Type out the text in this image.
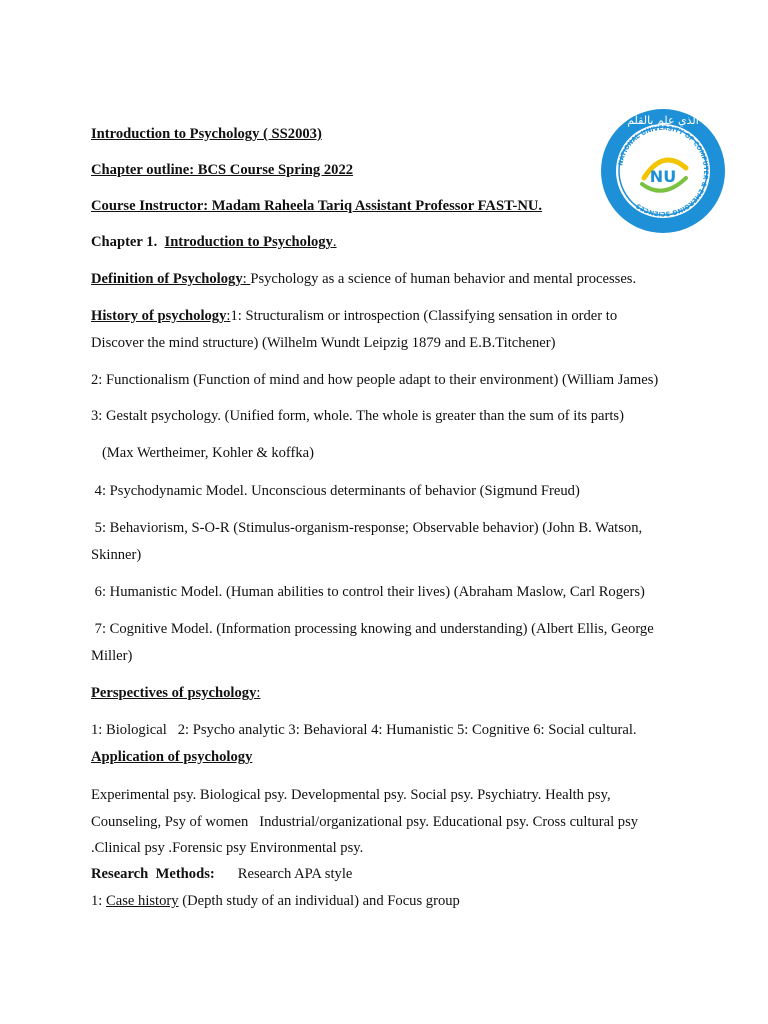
NATIONAL UNIVERSITY OF COMPUTER & EMERGING SCIENCES
الذي علم بالقلم
NU
Introduction to Psychology ( SS2003)
Chapter outline: BCS Course Spring 2022
Course Instructor: Madam Raheela Tariq Assistant Professor FAST-NU.
Chapter 1.  Introduction to Psychology.
Definition of Psychology: Psychology as a science of human behavior and mental processes.
History of psychology:1: Structuralism or introspection (Classifying sensation in order to
Discover the mind structure) (Wilhelm Wundt Leipzig 1879 and E.B.Titchener)
2: Functionalism (Function of mind and how people adapt to their environment) (William James)
3: Gestalt psychology. (Unified form, whole. The whole is greater than the sum of its parts)
(Max Wertheimer, Kohler & koffka)
4: Psychodynamic Model. Unconscious determinants of behavior (Sigmund Freud)
5: Behaviorism, S-O-R (Stimulus-organism-response; Observable behavior) (John B. Watson,
Skinner)
6: Humanistic Model. (Human abilities to control their lives) (Abraham Maslow, Carl Rogers)
7: Cognitive Model. (Information processing knowing and understanding) (Albert Ellis, George
Miller)
Perspectives of psychology:
1: Biological   2: Psycho analytic 3: Behavioral 4: Humanistic 5: Cognitive 6: Social cultural.
Application of psychology
Experimental psy. Biological psy. Developmental psy. Social psy. Psychiatry. Health psy,
Counseling, Psy of women   Industrial/organizational psy. Educational psy. Cross cultural psy
.Clinical psy .Forensic psy Environmental psy.
Research  Methods: Research APA style
1: Case history (Depth study of an individual) and Focus group
